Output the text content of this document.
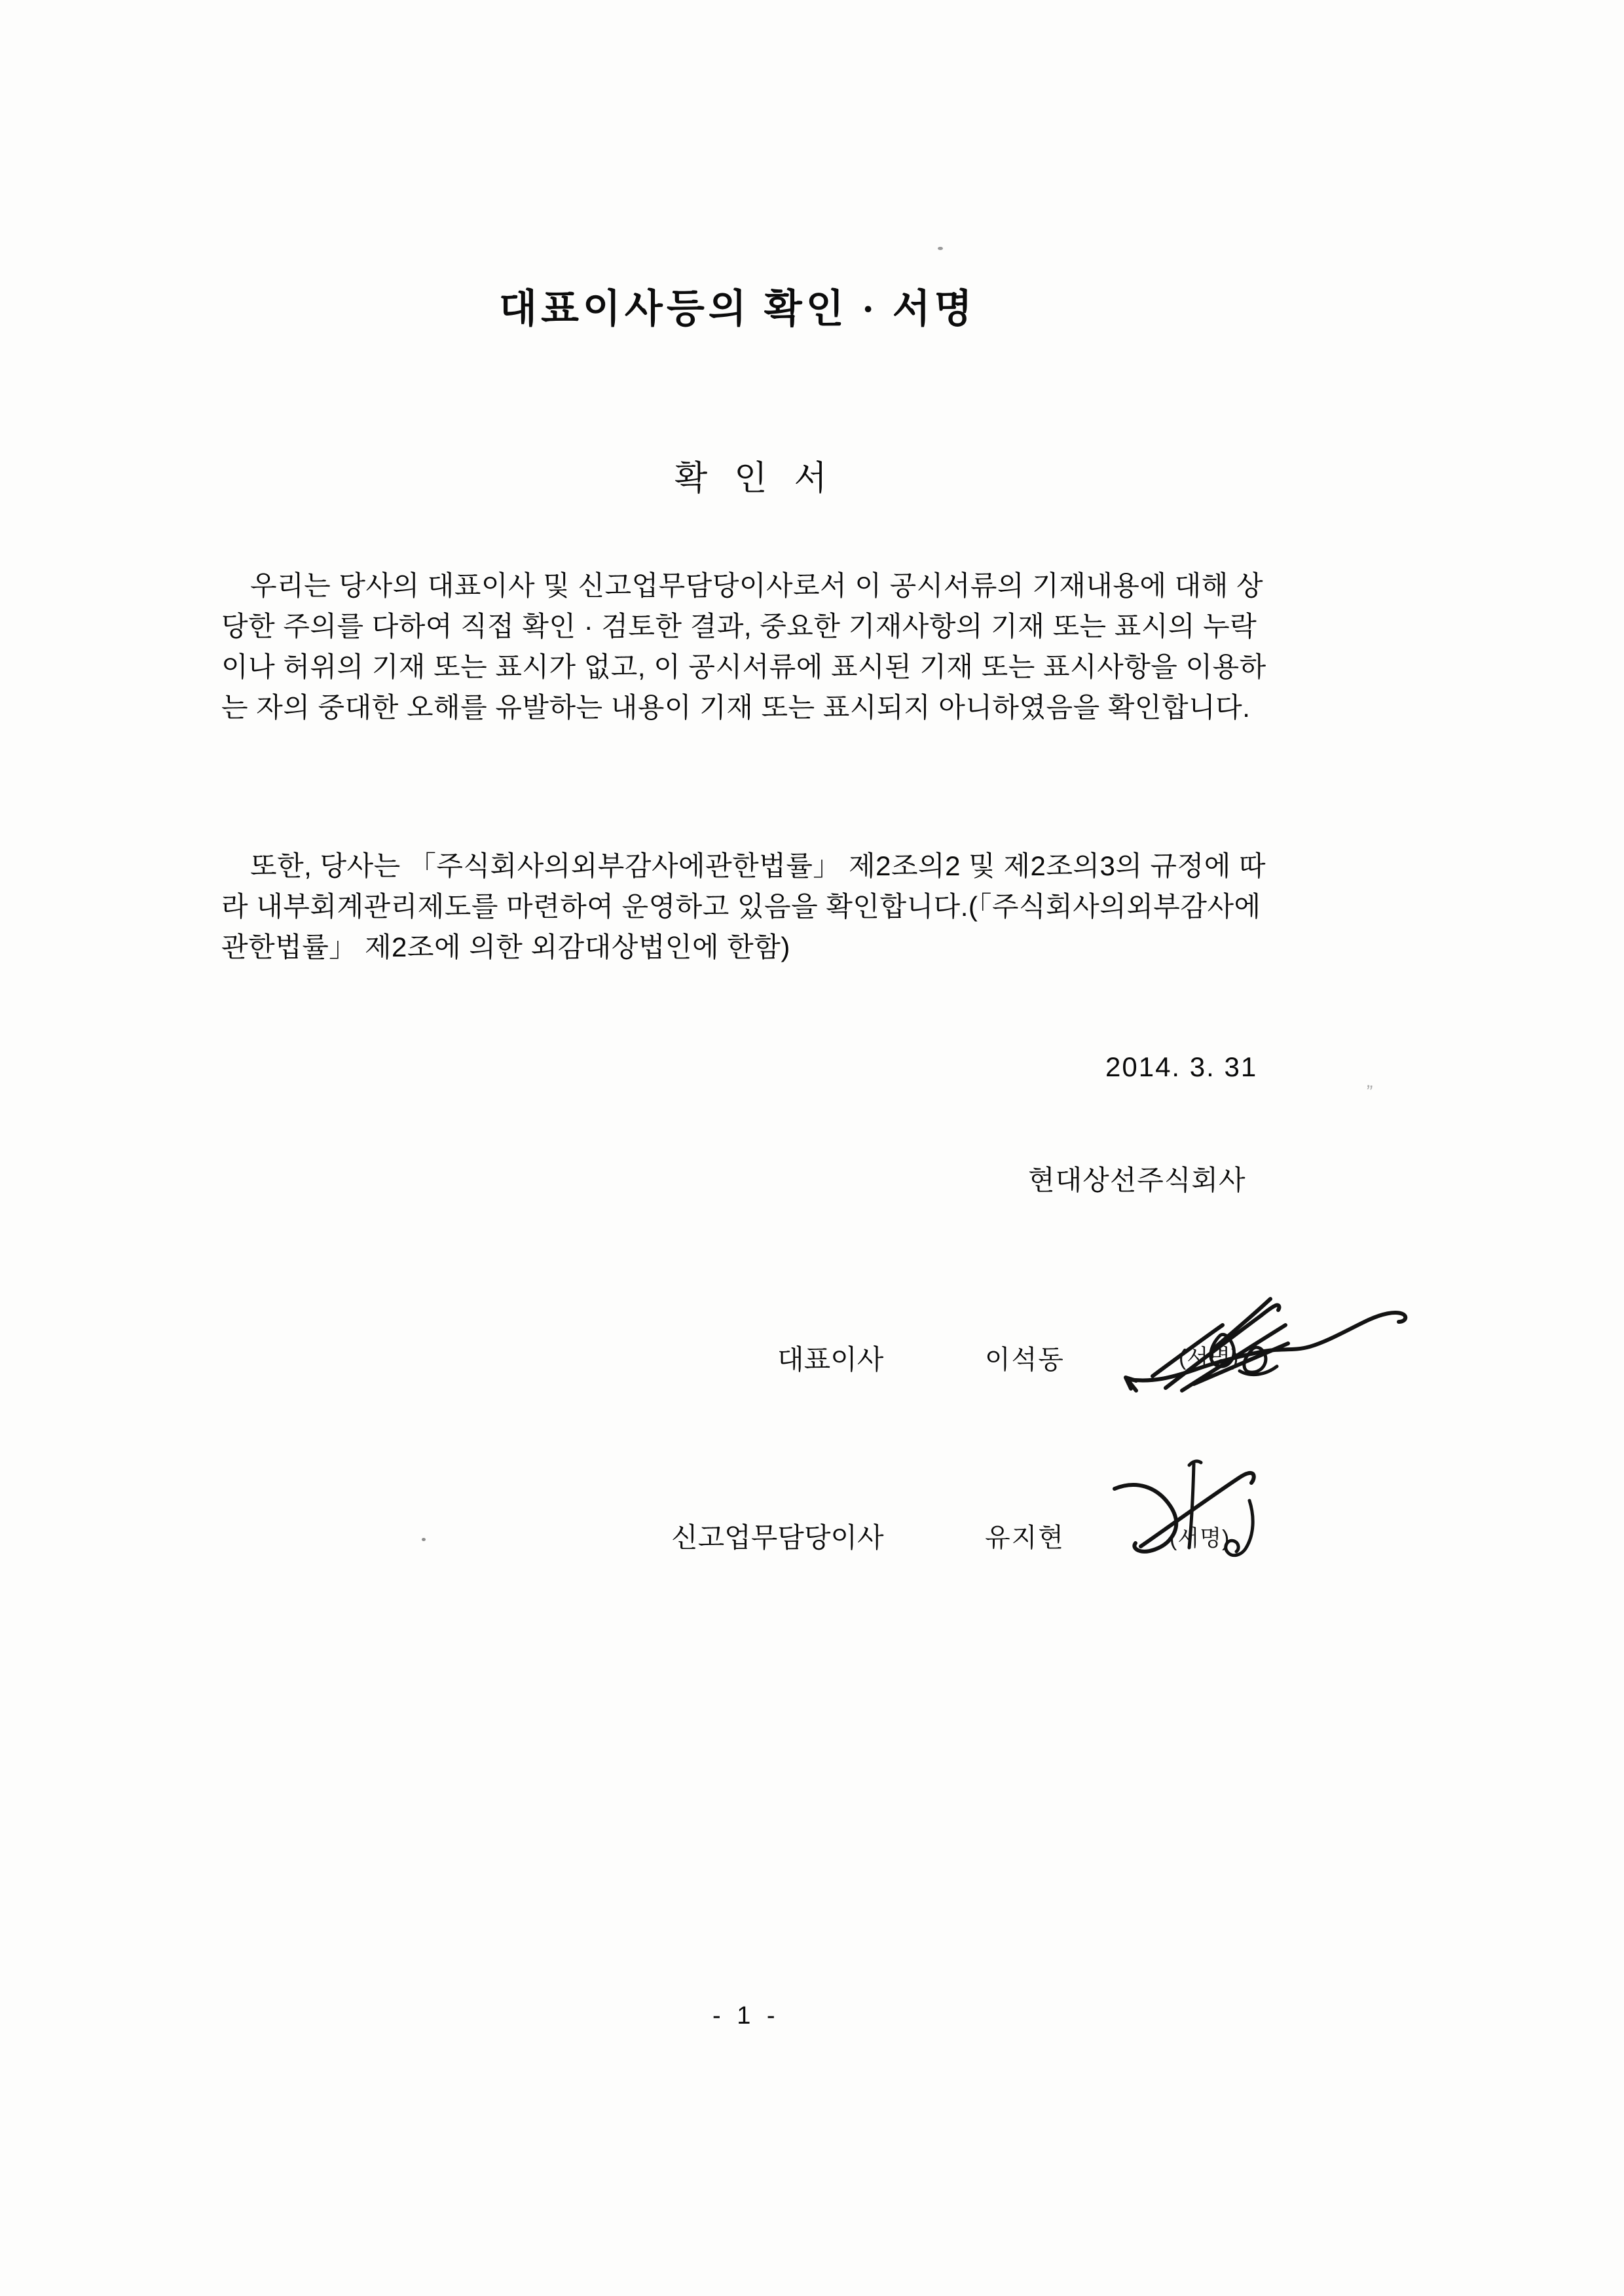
대표이사등의 확인 · 서명
확 인 서
우리는 당사의 대표이사 및 신고업무담당이사로서 이 공시서류의 기재내용에 대해 상
당한 주의를 다하여 직접 확인 · 검토한 결과, 중요한 기재사항의 기재 또는 표시의 누락
이나 허위의 기재 또는 표시가 없고, 이 공시서류에 표시된 기재 또는 표시사항을 이용하
는 자의 중대한 오해를 유발하는 내용이 기재 또는 표시되지 아니하였음을 확인합니다.
또한, 당사는 「주식회사의외부감사에관한법률」 제2조의2 및 제2조의3의 규정에 따
라 내부회계관리제도를 마련하여 운영하고 있음을 확인합니다.(「주식회사의외부감사에
관한법률」 제2조에 의한 외감대상법인에 한함)
2014. 3. 31
현대상선주식회사
대표이사	이석동	(서명)
신고업무담당이사	유지현	(서명)
- 1 -
”
